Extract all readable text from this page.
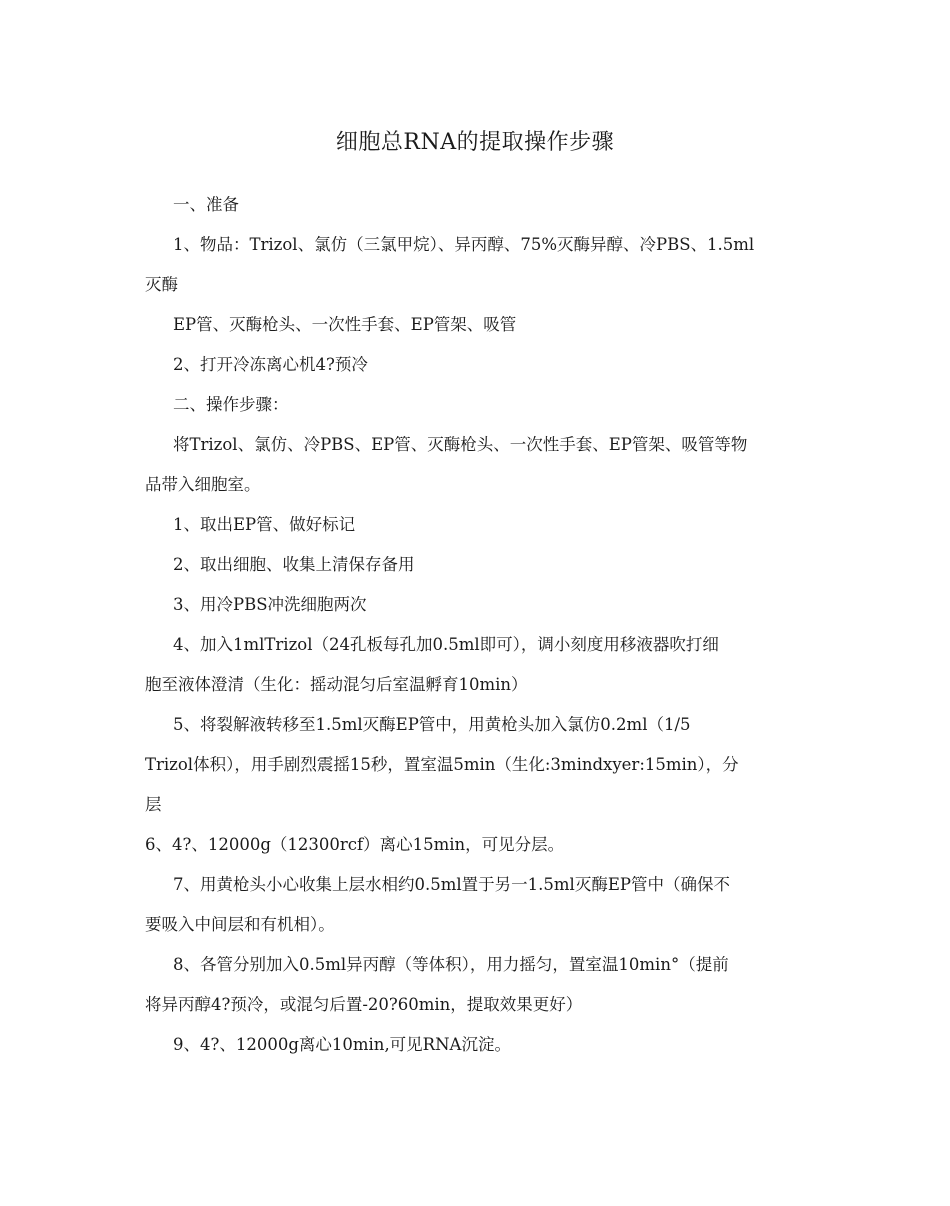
细胞总RNA的提取操作步骤
一、准备
1、物品：Trizol、氯仿（三氯甲烷）、异丙醇、75%灭酶异醇、冷PBS、1.5ml
灭酶
EP管、灭酶枪头、一次性手套、EP管架、吸管
2、打开冷冻离心机4?预冷
二、操作步骤：
将Trizol、氯仿、冷PBS、EP管、灭酶枪头、一次性手套、EP管架、吸管等物
品带入细胞室。
1、取出EP管、做好标记
2、取出细胞、收集上清保存备用
3、用冷PBS冲洗细胞两次
4、加入1mlTrizol（24孔板每孔加0.5ml即可），调小刻度用移液器吹打细
胞至液体澄清（生化：摇动混匀后室温孵育10min）
5、将裂解液转移至1.5ml灭酶EP管中，用黄枪头加入氯仿0.2ml（1/5
Trizol体积），用手剧烈震摇15秒，置室温5min（生化:3mindxyer:15min），分
层
6、4?、12000g（12300rcf）离心15min，可见分层。
7、用黄枪头小心收集上层水相约0.5ml置于另一1.5ml灭酶EP管中（确保不
要吸入中间层和有机相）。
8、各管分别加入0.5ml异丙醇（等体积），用力摇匀，置室温10min°（提前
将异丙醇4?预冷，或混匀后置-20?60min，提取效果更好）
9、4?、12000g离心10min,可见RNA沉淀。
